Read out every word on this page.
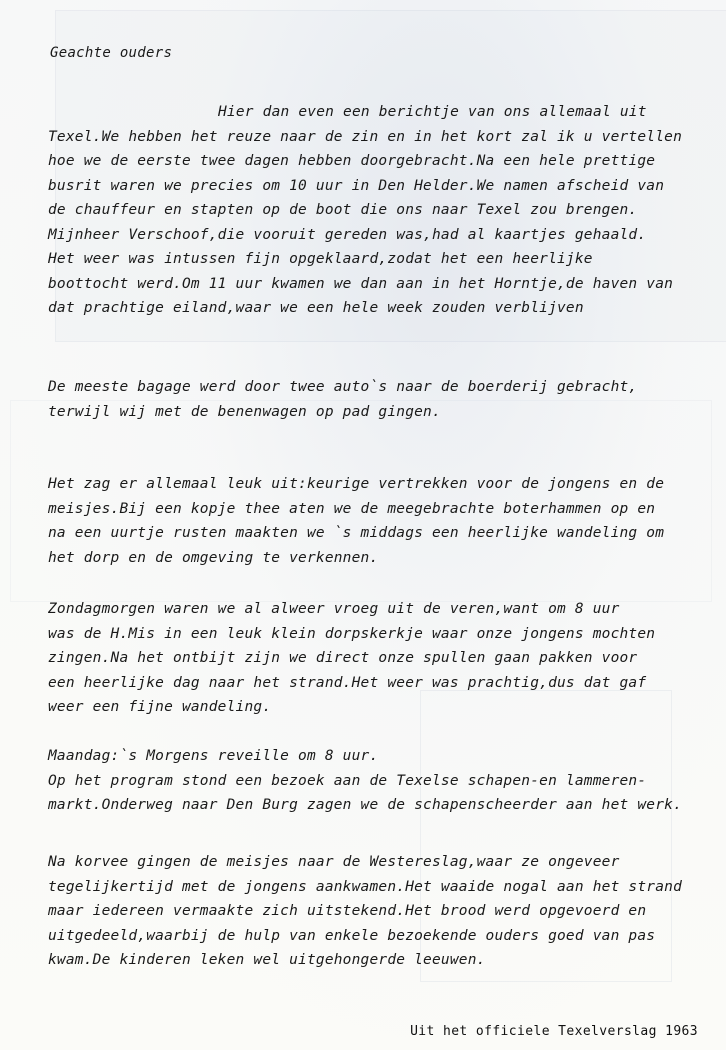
Geachte ouders
Hier dan even een berichtje van ons allemaal uit
Texel.We hebben het reuze naar de zin en in het kort zal ik u vertellen
hoe we de eerste twee dagen hebben doorgebracht.Na een hele prettige
busrit waren we precies om 10 uur in Den Helder.We namen afscheid van
de chauffeur en stapten op de boot die ons naar Texel zou brengen.
Mijnheer Verschoof,die vooruit gereden was,had al kaartjes gehaald.
Het weer was intussen fijn opgeklaard,zodat het een heerlijke
boottocht werd.Om 11 uur kwamen we dan aan in het Horntje,de haven van
dat prachtige eiland,waar we een hele week zouden verblijven
De meeste bagage werd door twee auto`s naar de boerderij gebracht,
terwijl wij met de benenwagen op pad gingen.
Het zag er allemaal leuk uit:keurige vertrekken voor de jongens en de
meisjes.Bij een kopje thee aten we de meegebrachte boterhammen op en
na een uurtje rusten maakten we `s middags een heerlijke wandeling om
het dorp en de omgeving te verkennen.
Zondagmorgen waren we al alweer vroeg uit de veren,want om 8 uur
was de H.Mis in een leuk klein dorpskerkje waar onze jongens mochten
zingen.Na het ontbijt zijn we direct onze spullen gaan pakken voor
een heerlijke dag naar het strand.Het weer was prachtig,dus dat gaf
weer een fijne wandeling.
Maandag:`s Morgens reveille om 8 uur.
Op het program stond een bezoek aan de Texelse schapen-en lammeren-
markt.Onderweg naar Den Burg zagen we de schapenscheerder aan het werk.
Na korvee gingen de meisjes naar de Westereslag,waar ze ongeveer
tegelijkertijd met de jongens aankwamen.Het waaide nogal aan het strand
maar iedereen vermaakte zich uitstekend.Het brood werd opgevoerd en
uitgedeeld,waarbij de hulp van enkele bezoekende ouders goed van pas
kwam.De kinderen leken wel uitgehongerde leeuwen.
Uit het officiele Texelverslag 1963
